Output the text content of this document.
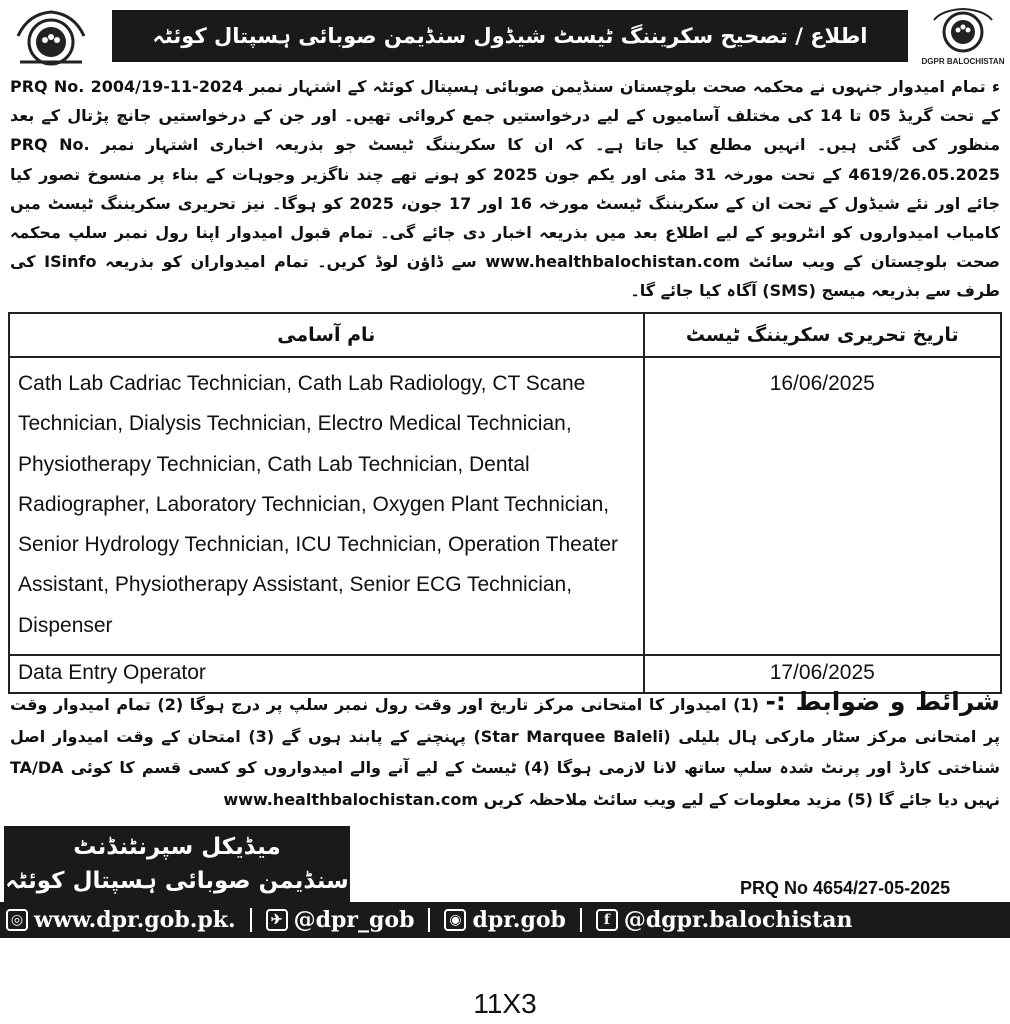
DGPR BALOCHISTAN
اطلاع / تصحیح سکریننگ ٹیسٹ شیڈول سنڈیمن صوبائی ہسپتال کوئٹہ
ء تمام امیدوار جنہوں نے محکمہ صحت بلوچستان سنڈیمن صوبائی ہسپتال کوئٹہ کے اشتہار نمبر PRQ No. 2004/19-11-2024 کے تحت گریڈ 05 تا 14 کی مختلف آسامیوں کے لیے درخواستیں جمع کروائی تھیں۔ اور جن کے درخواستیں جانچ پڑتال کے بعد منظور کی گئی ہیں۔ انہیں مطلع کیا جاتا ہے۔ کہ ان کا سکریننگ ٹیسٹ جو بذریعہ اخباری اشتہار نمبر PRQ No. 4619/26.05.2025 کے تحت مورخہ 31 مئی اور یکم جون 2025 کو ہونے تھے چند ناگزیر وجوہات کے بناء پر منسوخ تصور کیا جائے اور نئے شیڈول کے تحت ان کے سکریننگ ٹیسٹ مورخہ 16 اور 17 جون، 2025 کو ہوگا۔ نیز تحریری سکریننگ ٹیسٹ میں کامیاب امیدواروں کو انٹرویو کے لیے اطلاع بعد میں بذریعہ اخبار دی جائے گی۔ تمام قبول امیدوار اپنا رول نمبر سلپ محکمہ صحت بلوچستان کے ویب سائٹ www.healthbalochistan.com سے ڈاؤن لوڈ کریں۔ تمام امیدواران کو بذریعہ ISinfo کی طرف سے بذریعہ میسج (SMS) آگاہ کیا جائے گا۔
نام آسامی	تاریخ تحریری سکریننگ ٹیسٹ
Cath Lab Cadriac Technician, Cath Lab Radiology, CT Scane Technician, Dialysis Technician, Electro Medical Technician, Physiotherapy Technician, Cath Lab Technician, Dental Radiographer, Laboratory Technician, Oxygen Plant Technician, Senior Hydrology Technician, ICU Technician, Operation Theater Assistant, Physiotherapy Assistant, Senior ECG Technician, Dispenser	16/06/2025
Data Entry Operator	17/06/2025
شرائط و ضوابط :- (1) امیدوار کا امتحانی مرکز تاریخ اور وقت رول نمبر سلپ پر درج ہوگا (2) تمام امیدوار وقت پر امتحانی مرکز سٹار مارکی ہال بلیلی (Star Marquee Baleli) پہنچنے کے پابند ہوں گے (3) امتحان کے وقت امیدوار اصل شناختی کارڈ اور پرنٹ شدہ سلپ ساتھ لانا لازمی ہوگا (4) ٹیسٹ کے لیے آنے والے امیدواروں کو کسی قسم کا کوئی TA/DA نہیں دیا جائے گا (5) مزید معلومات کے لیے ویب سائٹ ملاحظہ کریں www.healthbalochistan.com
میڈیکل سپرنٹنڈنٹ
سنڈیمن صوبائی ہسپتال کوئٹہ	PRQ No 4654/27-05-2025
◎ www.dpr.gob.pk.	✈ @dpr_gob	◉ dpr.gob	f @dgpr.balochistan
11X3
